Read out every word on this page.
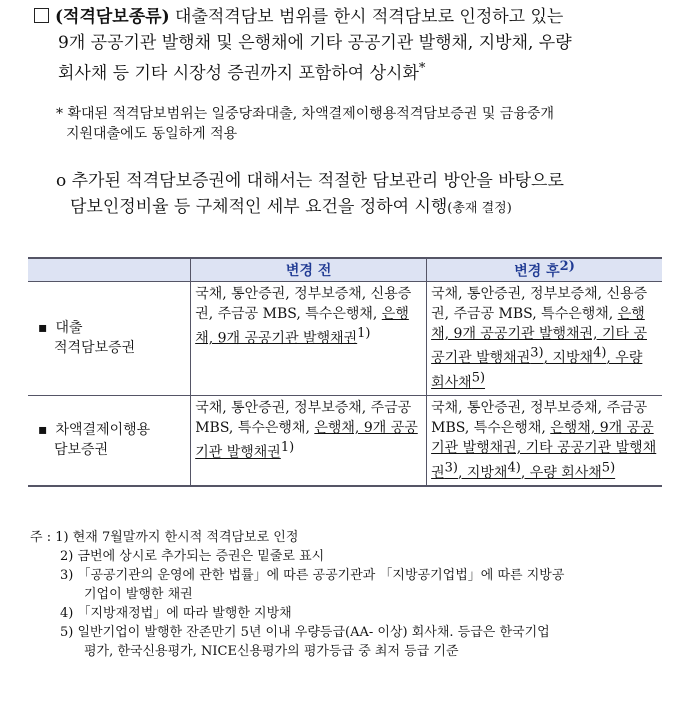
(적격담보종류) 대출적격담보 범위를 한시 적격담보로 인정하고 있는
9개 공공기관 발행채 및 은행채에 기타 공공기관 발행채, 지방채, 우량
회사채 등 기타 시장성 증권까지 포함하여 상시화*
* 확대된 적격담보범위는 일중당좌대출, 차액결제이행용적격담보증권 및 금융중개
지원대출에도 동일하게 적용
o 추가된 적격담보증권에 대해서는 적절한 담보관리 방안을 바탕으로
담보인정비율 등 구체적인 세부 요건을 정하여 시행(총재 결정)
	변경 전	변경 후$^{2)}$
▪ 대출
적격담보증권	국채, 통안증권, 정부보증채, 신용증권, 주금공 MBS, 특수은행채, 은행채, 9개 공공기관 발행채권$^{1)}$	국채, 통안증권, 정부보증채, 신용증권, 주금공 MBS, 특수은행채, 은행채, 9개 공공기관 발행채권, 기타 공공기관 발행채권$^{3)}$, 지방채$^{4)}$, 우량 회사채$^{5)}$
▪ 차액결제이행용
담보증권	국채, 통안증권, 정부보증채, 주금공 MBS, 특수은행채, 은행채, 9개 공공기관 발행채권$^{1)}$	국채, 통안증권, 정부보증채, 주금공 MBS, 특수은행채, 은행채, 9개 공공기관 발행채권, 기타 공공기관 발행채권$^{3)}$, 지방채$^{4)}$, 우량 회사채$^{5)}$
주 : 1) 현재 7월말까지 한시적 적격담보로 인정
2) 금번에 상시로 추가되는 증권은 밑줄로 표시
3) 「공공기관의 운영에 관한 법률」에 따른 공공기관과 「지방공기업법」에 따른 지방공
기업이 발행한 채권
4) 「지방재정법」에 따라 발행한 지방채
5) 일반기업이 발행한 잔존만기 5년 이내 우량등급(AA- 이상) 회사채. 등급은 한국기업
평가, 한국신용평가, NICE신용평가의 평가등급 중 최저 등급 기준
